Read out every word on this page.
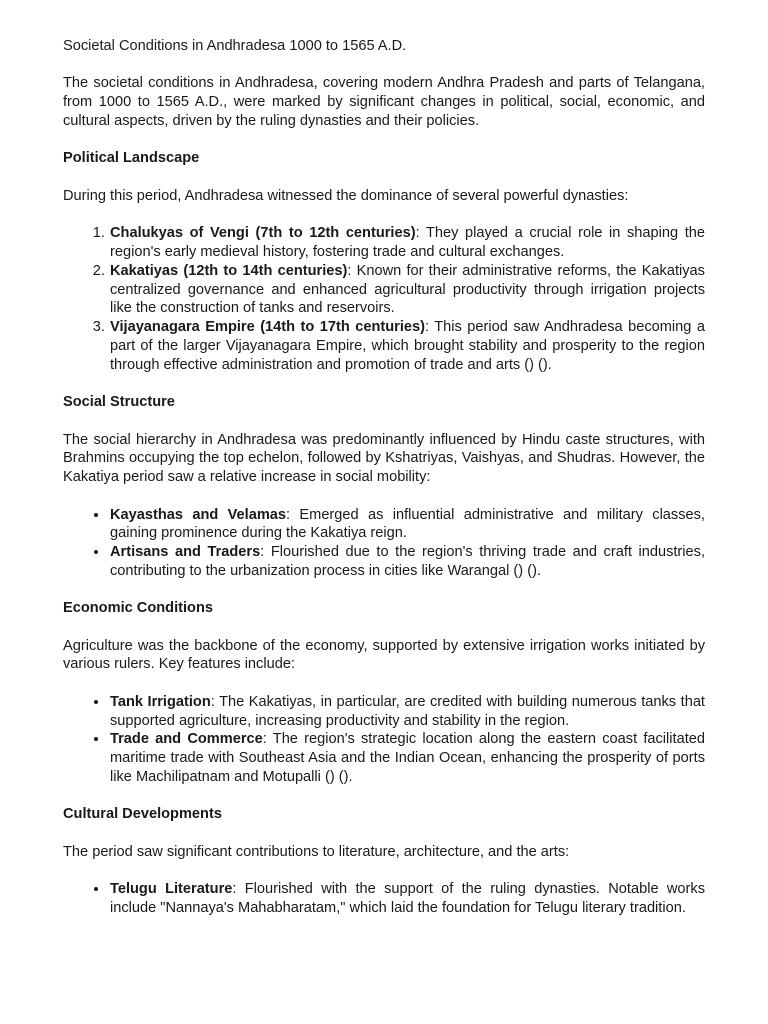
Societal Conditions in Andhradesa 1000 to 1565 A.D.

The societal conditions in Andhradesa, covering modern Andhra Pradesh and parts of Telangana, from 1000 to 1565 A.D., were marked by significant changes in political, social, economic, and cultural aspects, driven by the ruling dynasties and their policies.

Political Landscape

During this period, Andhradesa witnessed the dominance of several powerful dynasties:

1. Chalukyas of Vengi (7th to 12th centuries): They played a crucial role in shaping the region's early medieval history, fostering trade and cultural exchanges.
2. Kakatiyas (12th to 14th centuries): Known for their administrative reforms, the Kakatiyas centralized governance and enhanced agricultural productivity through irrigation projects like the construction of tanks and reservoirs.
3. Vijayanagara Empire (14th to 17th centuries): This period saw Andhradesa becoming a part of the larger Vijayanagara Empire, which brought stability and prosperity to the region through effective administration and promotion of trade and arts () ().
Social Structure

The social hierarchy in Andhradesa was predominantly influenced by Hindu caste structures, with Brahmins occupying the top echelon, followed by Kshatriyas, Vaishyas, and Shudras. However, the Kakatiya period saw a relative increase in social mobility:

• Kayasthas and Velamas: Emerged as influential administrative and military classes, gaining prominence during the Kakatiya reign.
• Artisans and Traders: Flourished due to the region's thriving trade and craft industries, contributing to the urbanization process in cities like Warangal () ().
Economic Conditions

Agriculture was the backbone of the economy, supported by extensive irrigation works initiated by various rulers. Key features include:

• Tank Irrigation: The Kakatiyas, in particular, are credited with building numerous tanks that supported agriculture, increasing productivity and stability in the region.
• Trade and Commerce: The region's strategic location along the eastern coast facilitated maritime trade with Southeast Asia and the Indian Ocean, enhancing the prosperity of ports like Machilipatnam and Motupalli () ().
Cultural Developments

The period saw significant contributions to literature, architecture, and the arts:

• Telugu Literature: Flourished with the support of the ruling dynasties. Notable works include "Nannaya's Mahabharatam," which laid the foundation for Telugu literary tradition.
